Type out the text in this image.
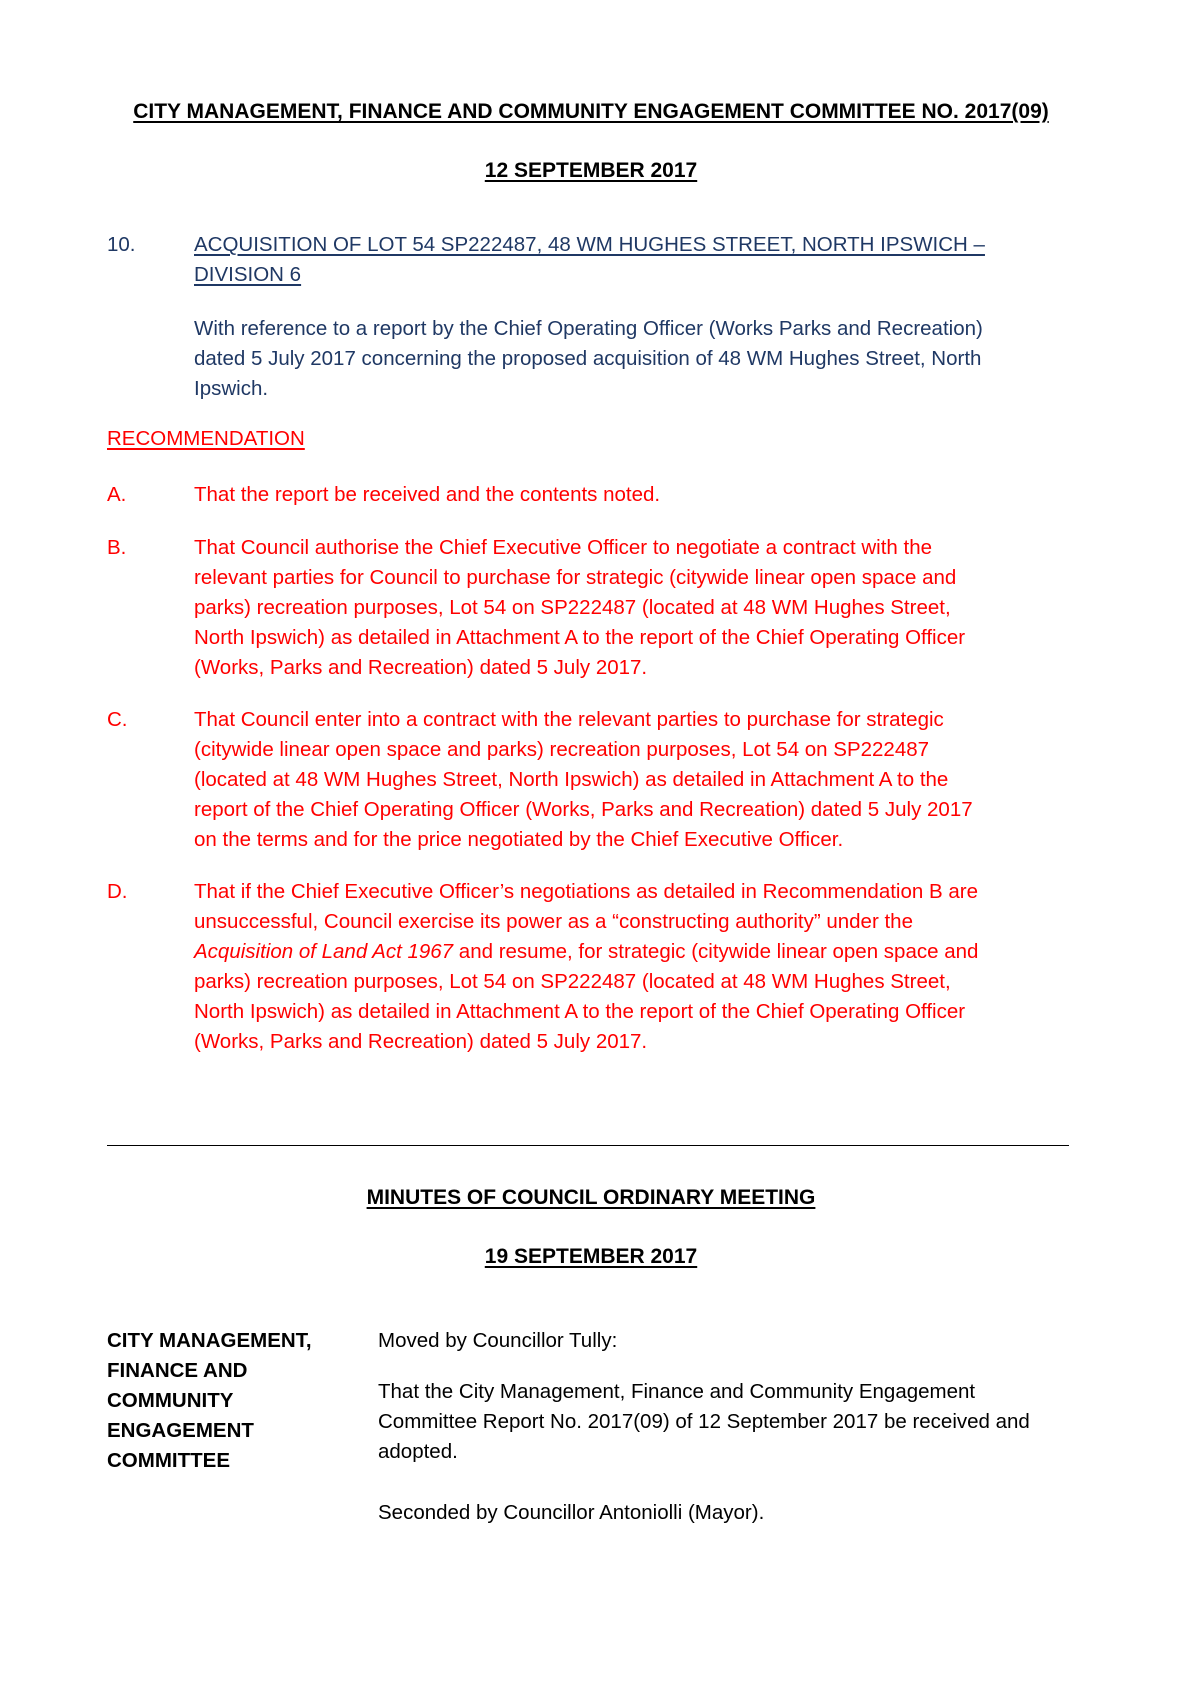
CITY MANAGEMENT, FINANCE AND COMMUNITY ENGAGEMENT COMMITTEE NO. 2017(09)
12 SEPTEMBER 2017
10.	ACQUISITION OF LOT 54 SP222487, 48 WM HUGHES STREET, NORTH IPSWICH –
DIVISION 6
With reference to a report by the Chief Operating Officer (Works Parks and Recreation)
dated 5 July 2017 concerning the proposed acquisition of 48 WM Hughes Street, North
Ipswich.
RECOMMENDATION
A.	That the report be received and the contents noted.
B.	That Council authorise the Chief Executive Officer to negotiate a contract with the
relevant parties for Council to purchase for strategic (citywide linear open space and
parks) recreation purposes, Lot 54 on SP222487 (located at 48 WM Hughes Street,
North Ipswich) as detailed in Attachment A to the report of the Chief Operating Officer
(Works, Parks and Recreation) dated 5 July 2017.
C.	That Council enter into a contract with the relevant parties to purchase for strategic
(citywide linear open space and parks) recreation purposes, Lot 54 on SP222487
(located at 48 WM Hughes Street, North Ipswich) as detailed in Attachment A to the
report of the Chief Operating Officer (Works, Parks and Recreation) dated 5 July 2017
on the terms and for the price negotiated by the Chief Executive Officer.
D.	That if the Chief Executive Officer’s negotiations as detailed in Recommendation B are
unsuccessful, Council exercise its power as a “constructing authority” under the
Acquisition of Land Act 1967 and resume, for strategic (citywide linear open space and
parks) recreation purposes, Lot 54 on SP222487 (located at 48 WM Hughes Street,
North Ipswich) as detailed in Attachment A to the report of the Chief Operating Officer
(Works, Parks and Recreation) dated 5 July 2017.
MINUTES OF COUNCIL ORDINARY MEETING
19 SEPTEMBER 2017
CITY MANAGEMENT,
FINANCE AND
COMMUNITY
ENGAGEMENT
COMMITTEE
Moved by Councillor Tully:
That the City Management, Finance and Community Engagement
Committee Report No. 2017(09) of 12 September 2017 be received and
adopted.
Seconded by Councillor Antoniolli (Mayor).
